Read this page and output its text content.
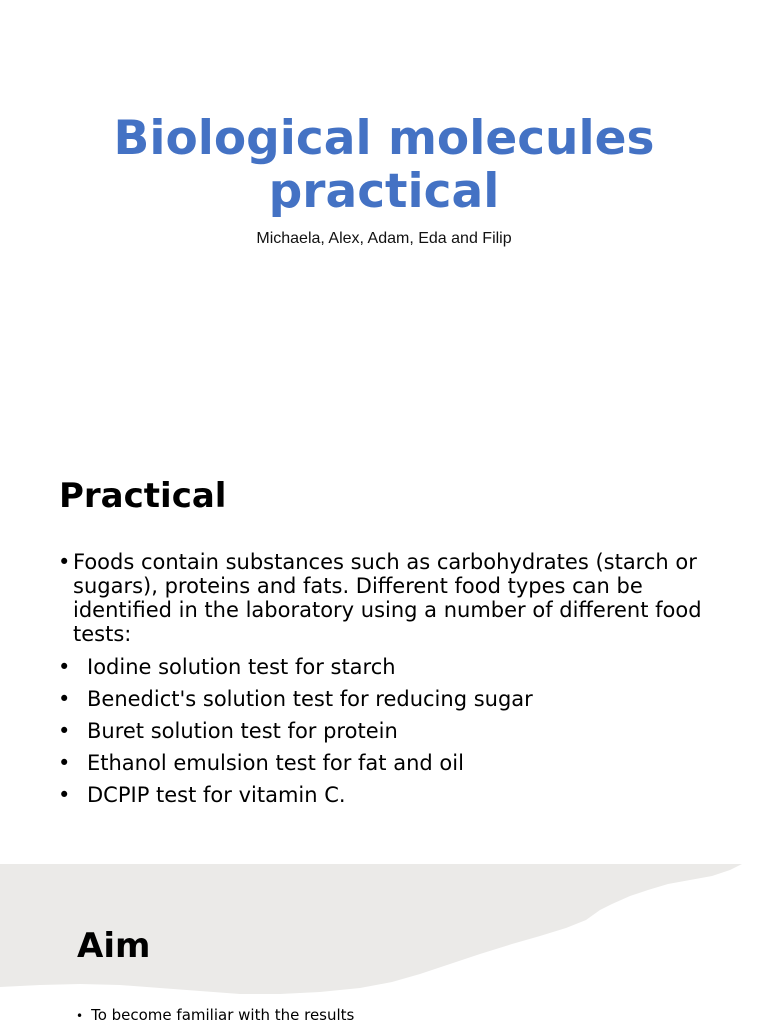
Biological molecules
practical
Michaela, Alex, Adam, Eda and Filip
Practical
• Foods contain substances such as carbohydrates (starch or sugars), proteins and fats. Different food types can be identified in the laboratory using a number of different food tests:
• Iodine solution test for starch
• Benedict's solution test for reducing sugar
• Buret solution test for protein
• Ethanol emulsion test for fat and oil
• DCPIP test for vitamin C.
Aim
• To become familiar with the results
